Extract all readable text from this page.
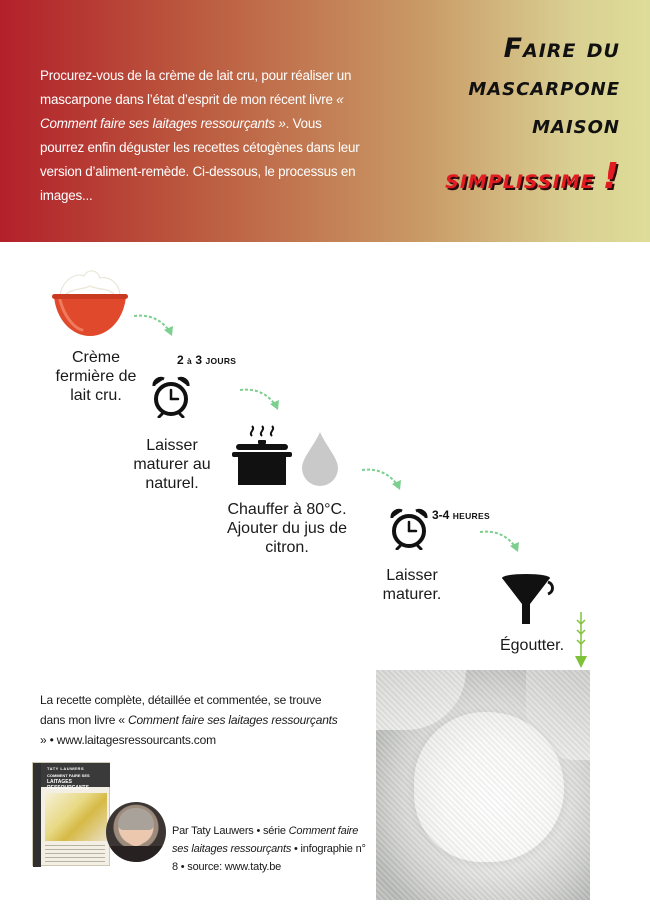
Procurez-vous de la crème de lait cru, pour réaliser un mascarpone dans l’état d’esprit de mon récent livre « Comment faire ses laitages ressourçants ». Vous pourrez enfin déguster les recettes cétogènes dans leur version d’aliment-remède. Ci-dessous, le processus en images...

Faire du
mascarpone
maison
simplissime !
Crème
fermière de
lait cru.
2 à 3 JOURS
Laisser
maturer au
naturel.
Chauffer à 80°C.
Ajouter du jus de
citron.
3-4 HEURES
Laisser
maturer.
Égoutter.

La recette complète, détaillée et commentée, se trouve dans mon livre « Comment faire ses laitages ressourçants » • www.laitagesressourcants.com

TATY LAUWERS
COMMENT FAIRE SES
LAITAGES RESSOURÇANTS

Par Taty Lauwers • série Comment faire ses laitages ressourçants • infographie n° 8 • source: www.taty.be
